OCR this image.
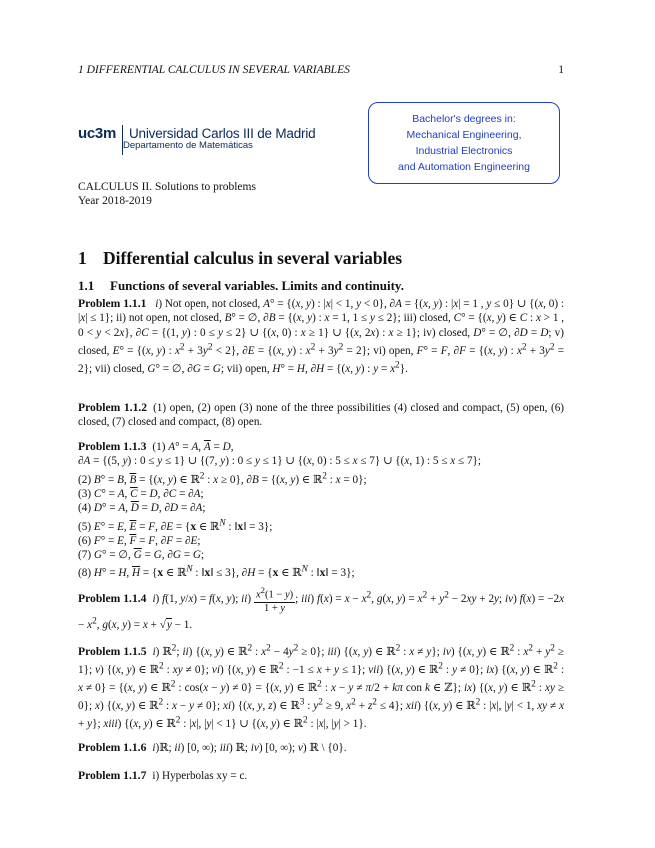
1 DIFFERENTIAL CALCULUS IN SEVERAL VARIABLES	1
uc3m Universidad Carlos III de Madrid
Departamento de Matemáticas
Bachelor's degrees in:
Mechanical Engineering,
Industrial Electronics
and Automation Engineering
CALCULUS II. Solutions to problems
Year 2018-2019
1 Differential calculus in several variables
1.1 Functions of several variables. Limits and continuity.
Problem 1.1.1 i) Not open, not closed, A° = {(x, y) : |x| < 1, y < 0}, ∂A = {(x, y) : |x| = 1 , y ≤ 0} ∪ {(x, 0) : |x| ≤ 1}; ii) not open, not closed, B° = ∅, ∂B = {(x, y) : x = 1, 1 ≤ y ≤ 2}; iii) closed, C° = {(x, y) ∈ C : x > 1 , 0 < y < 2x}, ∂C = {(1, y) : 0 ≤ y ≤ 2} ∪ {(x, 0) : x ≥ 1} ∪ {(x, 2x) : x ≥ 1}; iv) closed, D° = ∅, ∂D = D; v) closed, E° = {(x, y) : $x^2 + 3y^2 < 2$}, ∂E = {(x, y) : $x^2 + 3y^2 = 2$}; vi) open, F° = F, ∂F = {(x, y) : $x^2 + 3y^2 = 2$}; vii) closed, G° = ∅, ∂G = G; vii) open, H° = H, ∂H = {(x, y) : $y = x^2$}.
Problem 1.1.2 (1) open, (2) open (3) none of the three possibilities (4) closed and compact, (5) open, (6) closed, (7) closed and compact, (8) open.
Problem 1.1.3 (1) A° = A, $\overline{A} = D$,
∂A = {(5, y) : 0 ≤ y ≤ 1} ∪ {(7, y) : 0 ≤ y ≤ 1} ∪ {(x, 0) : 5 ≤ x ≤ 7} ∪ {(x, 1) : 5 ≤ x ≤ 7};
(2) B° = B, $\overline{B} = \{(x$, y) ∈ ℝ$^2$ : x ≥ 0}, ∂B = {(x, y) ∈ ℝ$^2$ : x = 0};
(3) C° = A, $\overline{C} = D$, ∂C = ∂A;
(4) D° = A, $\overline{D} = D$, ∂D = ∂A;
(5) E° = E, $\overline{E} = F$, ∂E = {x ∈ ℝ$^N$ : ‖x‖ = 3};
(6) F° = E, $\overline{F} = F$, ∂F = ∂E;
(7) G° = ∅, $\overline{G} = G$, ∂G = G;
(8) H° = H, $\overline{H} = \{x$ ∈ ℝ$^N$ : ‖x‖ ≤ 3}, ∂H = {x ∈ ℝ$^N$ : ‖x‖ = 3};
Problem 1.1.4 i) f(1, y/x) = f(x, y); $ii) \frac{x^2(1 - y)}{1 + y}$ ; iii) $f(x) = x - x^2$, g(x, $y) = x^2 + y^2 - 2xy + 2y$; iv) $f(x) = -2x - x^2$, g(x, y) = x + √y − 1.
Problem 1.1.5 i) ℝ$^2$; ii) {(x, y) ∈ ℝ$^2$ : $x^2 - 4y^2 \ge 0$}; iii) {(x, y) ∈ ℝ$^2$ : x ≠ y}; iv) {(x, y) ∈ ℝ$^2$ : $x^2 + y^2 \ge 1$}; v) {(x, y) ∈ ℝ$^2$ : xy ≠ 0}; vi) {(x, y) ∈ ℝ$^2$ : −1 ≤ x + y ≤ 1}; vii) {(x, y) ∈ ℝ$^2$ : y ≠ 0}; ix) {(x, y) ∈ ℝ$^2$ : x ≠ 0} = {(x, y) ∈ ℝ$^2$ : cos(x − y) ≠ 0} = {(x, y) ∈ ℝ$^2$ : x − y ≠ π/2 + kπ con k ∈ ℤ}; ix) {(x, y) ∈ ℝ$^2$ : xy ≥ 0}; x) {(x, y) ∈ ℝ$^2$ : x − y ≠ 0}; xi) {(x, y, z) ∈ ℝ$^3$ : $y^2 \ge 9$, $x^2 + z^2 \le 4$}; xii) {(x, y) ∈ ℝ$^2$ : |x|, |y| < 1, xy ≠ x + y}; xiii) {(x, y) ∈ ℝ$^2$ : |x|, |y| < 1} ∪ {(x, y) ∈ ℝ$^2$ : |x|, |y| > 1}.
Problem 1.1.6 i)ℝ; ii) [0, ∞); iii) ℝ; iv) [0, ∞); v) ℝ \ {0}.
Problem 1.1.7 i) Hyperbolas xy = c.
